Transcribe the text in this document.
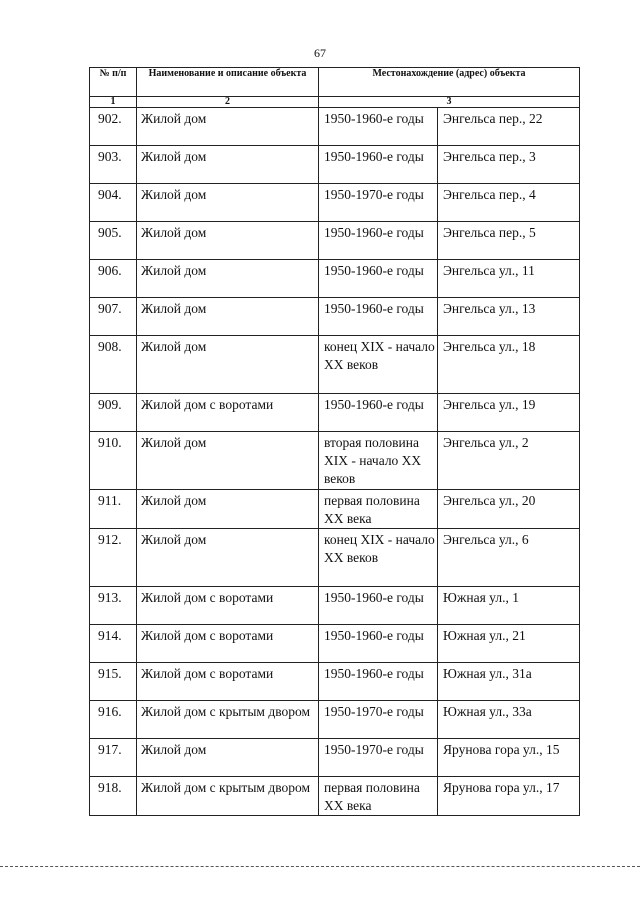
67
№ п/п	Наименование и описание объекта	Местонахождение (адрес) объекта	
1	2	3	
902.	Жилой дом	1950-1960-е годы	Энгельса пер., 22
903.	Жилой дом	1950-1960-е годы	Энгельса пер., 3
904.	Жилой дом	1950-1970-е годы	Энгельса пер., 4
905.	Жилой дом	1950-1960-е годы	Энгельса пер., 5
906.	Жилой дом	1950-1960-е годы	Энгельса ул., 11
907.	Жилой дом	1950-1960-е годы	Энгельса ул., 13
908.	Жилой дом	конец XIX - начало XX веков	Энгельса ул., 18
909.	Жилой дом с воротами	1950-1960-е годы	Энгельса ул., 19
910.	Жилой дом	вторая половина XIX - начало XX веков	Энгельса ул., 2
911.	Жилой дом	первая половина XX века	Энгельса ул., 20
912.	Жилой дом	конец XIX - начало XX веков	Энгельса ул., 6
913.	Жилой дом с воротами	1950-1960-е годы	Южная ул., 1
914.	Жилой дом с воротами	1950-1960-е годы	Южная ул., 21
915.	Жилой дом с воротами	1950-1960-е годы	Южная ул., 31а
916.	Жилой дом с крытым двором	1950-1970-е годы	Южная ул., 33а
917.	Жилой дом	1950-1970-е годы	Ярунова гора ул., 15
918.	Жилой дом с крытым двором	первая половина XX века	Ярунова гора ул., 17
